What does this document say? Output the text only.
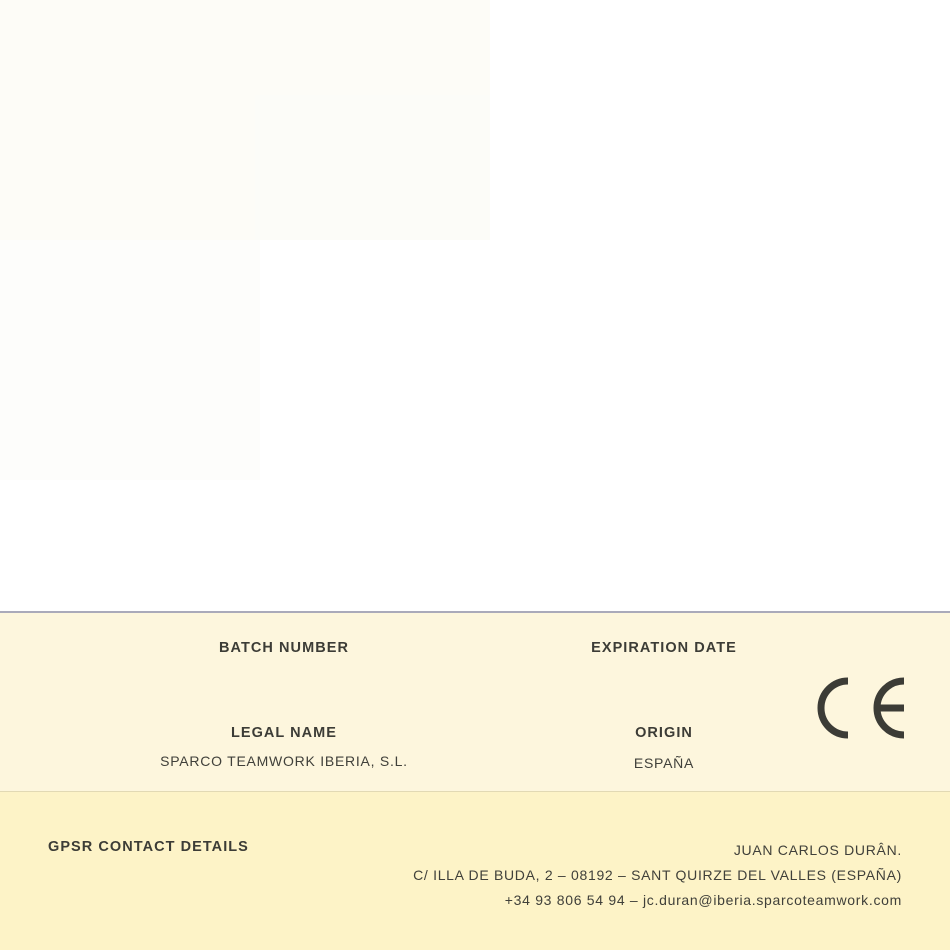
BATCH NUMBER	EXPIRATION DATE
LEGAL NAME
SPARCO TEAMWORK IBERIA, S.L.
ORIGIN
ESPAÑA
GPSR CONTACT DETAILS	JUAN CARLOS DURÂN.
C/ ILLA DE BUDA, 2 – 08192 – SANT QUIRZE DEL VALLES (ESPAÑA)
+34 93 806 54 94 – jc.duran@iberia.sparcoteamwork.com
